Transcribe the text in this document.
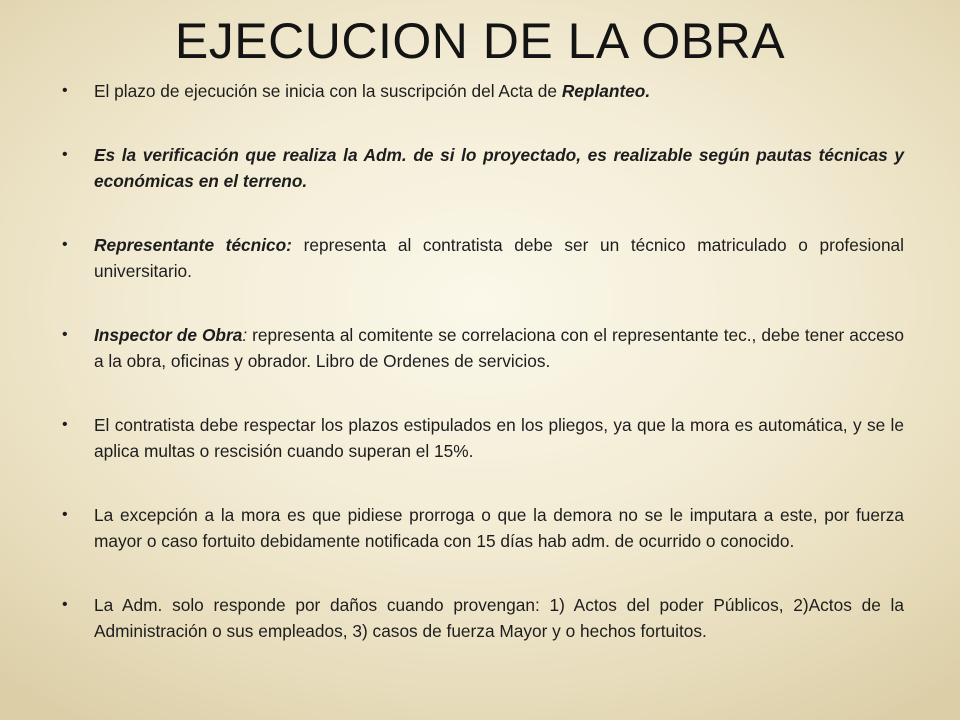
EJECUCION DE LA OBRA
•	El plazo de ejecución se inicia con la suscripción del Acta de Replanteo.
•	Es la verificación que realiza la Adm. de si lo proyectado, es realizable según pautas técnicas y económicas en el terreno.
•	Representante técnico: representa al contratista debe ser un técnico matriculado o profesional universitario.
•	Inspector de Obra: representa al comitente se correlaciona con el representante tec., debe tener acceso a la obra, oficinas y obrador. Libro de Ordenes de servicios.
•	El contratista debe respectar los plazos estipulados en los pliegos, ya que la mora es automática, y se le aplica multas o rescisión cuando superan el 15%.
•	La excepción a la mora es que pidiese prorroga o que la demora no se le imputara a este, por fuerza mayor o caso fortuito debidamente notificada con 15 días hab adm. de ocurrido o conocido.
•	La Adm. solo responde por daños cuando provengan: 1) Actos del poder Públicos, 2)Actos de la Administración o sus empleados, 3) casos de fuerza Mayor y o hechos fortuitos.
